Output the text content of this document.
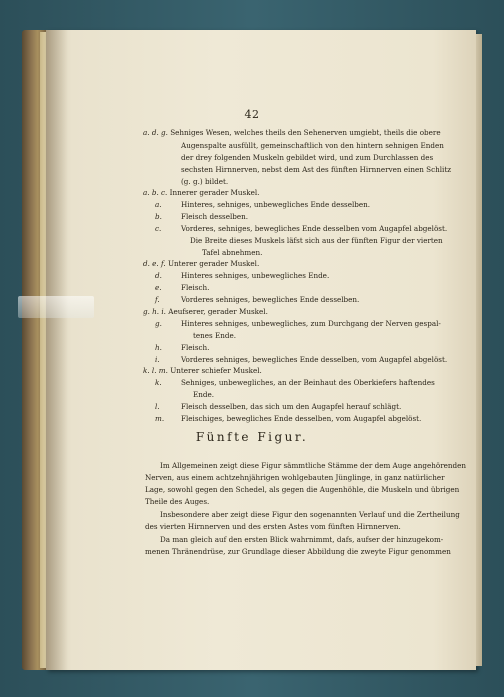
42
a. d. g. Sehniges Wesen, welches theils den Sehenerven umgiebt, theils die obere
Augenspalte ausfüllt, gemeinschaftlich von den hintern sehnigen Enden
der drey folgenden Muskeln gebildet wird, und zum Durchlassen des
sechsten Hirnnerven, nebst dem Ast des fünften Hirnnerven einen Schlitz
(g. g.) bildet.
a. b. c. Innerer gerader Muskel.
a.	Hinteres, sehniges, unbewegliches Ende desselben.
b.	Fleisch desselben.
c.	Vorderes, sehniges, bewegliches Ende desselben vom Augapfel abgelöst.
Die Breite dieses Muskels läfst sich aus der fünften Figur der vierten
Tafel abnehmen.
d. e. f. Unterer gerader Muskel.
d.	Hinteres sehniges, unbewegliches Ende.
e.	Fleisch.
f.	Vorderes sehniges, bewegliches Ende desselben.
g. h. i. Aeufserer, gerader Muskel.
g.	Hinteres sehniges, unbewegliches, zum Durchgang der Nerven gespal-
tenes Ende.
h.	Fleisch.
i.	Vorderes sehniges, bewegliches Ende desselben, vom Augapfel abgelöst.
k. l. m. Unterer schiefer Muskel.
k.	Sehniges, unbewegliches, an der Beinhaut des Oberkiefers haftendes
Ende.
l.	Fleisch desselben, das sich um den Augapfel herauf schlägt.
m. Fleischiges, bewegliches Ende desselben, vom Augapfel abgelöst.
Im Allgemeinen zeigt diese Figur sämmtliche Stämme der dem Auge angehörenden
Nerven, aus einem achtzehnjährigen wohlgebauten Jünglinge, in ganz natürlicher
Lage, sowohl gegen den Schedel, als gegen die Augenhöhle, die Muskeln und übrigen
Theile des Auges.
Insbesondere aber zeigt diese Figur den sogenannten Verlauf und die Zertheilung
des vierten Hirnnerven und des ersten Astes vom fünften Hirnnerven.
Da man gleich auf den ersten Blick wahrnimmt, dafs, aufser der hinzugekom-
menen Thränendrüse, zur Grundlage dieser Abbildung die zweyte Figur genommen
Fünfte Figur.
